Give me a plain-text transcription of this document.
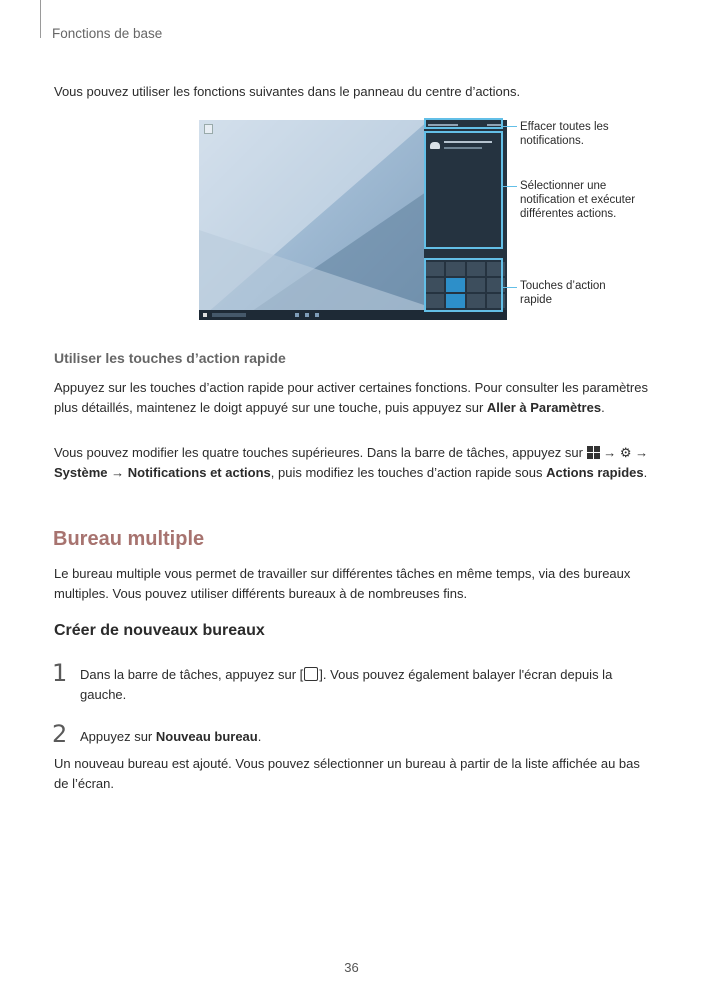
Fonctions de base
Vous pouvez utiliser les fonctions suivantes dans le panneau du centre d’actions.
Effacer toutes les notifications.
Sélectionner une notification et exécuter différentes actions.
Touches d’action rapide
Utiliser les touches d’action rapide
Appuyez sur les touches d’action rapide pour activer certaines fonctions. Pour consulter les paramètres plus détaillés, maintenez le doigt appuyé sur une touche, puis appuyez sur Aller à Paramètres.
Vous pouvez modifier les quatre touches supérieures. Dans la barre de tâches, appuyez sur
→ ⚙ → Système → Notifications et actions, puis modifiez les touches d’action rapide sous Actions rapides.
Bureau multiple
Le bureau multiple vous permet de travailler sur différentes tâches en même temps, via des bureaux multiples. Vous pouvez utiliser différents bureaux à de nombreuses fins.
Créer de nouveaux bureaux
1 Dans la barre de tâches, appuyez sur [ ]. Vous pouvez également balayer l'écran depuis la gauche.
2 Appuyez sur Nouveau bureau.
Un nouveau bureau est ajouté. Vous pouvez sélectionner un bureau à partir de la liste affichée au bas de l’écran.
36
